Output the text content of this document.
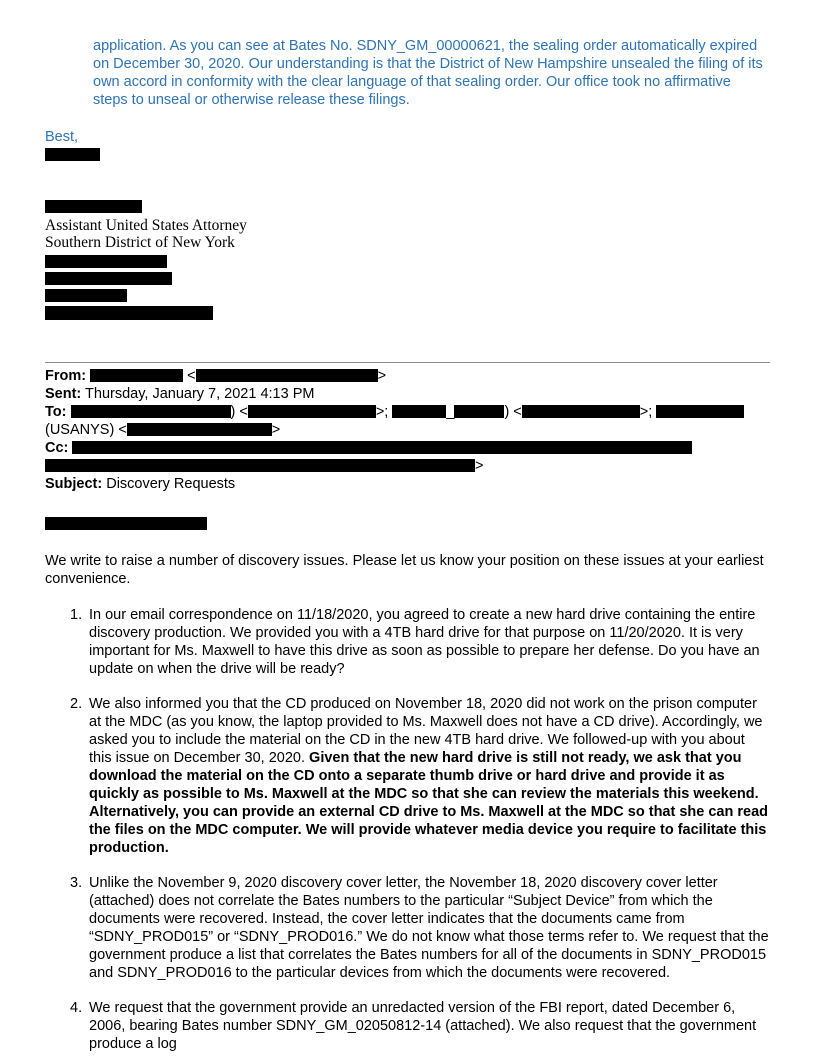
application. As you can see at Bates No. SDNY_GM_00000621, the sealing order automatically expired on December 30, 2020. Our understanding is that the District of New Hampshire unsealed the filing of its own accord in conformity with the clear language of that sealing order. Our office took no affirmative steps to unseal or otherwise release these filings.

Best,

Assistant United States Attorney
Southern District of New York
From:	<	>
Sent: Thursday, January 7, 2021 4:13 PM
To:	) <	>;	_	) <	>;
(USANYS) <	>
Cc:
>
Subject: Discovery Requests

We write to raise a number of discovery issues. Please let us know your position on these issues at your earliest convenience.

1. In our email correspondence on 11/18/2020, you agreed to create a new hard drive containing the entire discovery production. We provided you with a 4TB hard drive for that purpose on 11/20/2020. It is very important for Ms. Maxwell to have this drive as soon as possible to prepare her defense. Do you have an update on when the drive will be ready?
2. We also informed you that the CD produced on November 18, 2020 did not work on the prison computer at the MDC (as you know, the laptop provided to Ms. Maxwell does not have a CD drive). Accordingly, we asked you to include the material on the CD in the new 4TB hard drive. We followed-up with you about this issue on December 30, 2020. Given that the new hard drive is still not ready, we ask that you download the material on the CD onto a separate thumb drive or hard drive and provide it as quickly as possible to Ms. Maxwell at the MDC so that she can review the materials this weekend. Alternatively, you can provide an external CD drive to Ms. Maxwell at the MDC so that she can read the files on the MDC computer. We will provide whatever media device you require to facilitate this production.
3. Unlike the November 9, 2020 discovery cover letter, the November 18, 2020 discovery cover letter (attached) does not correlate the Bates numbers to the particular “Subject Device” from which the documents were recovered. Instead, the cover letter indicates that the documents came from “SDNY_PROD015” or “SDNY_PROD016.” We do not know what those terms refer to. We request that the government produce a list that correlates the Bates numbers for all of the documents in SDNY_PROD015 and SDNY_PROD016 to the particular devices from which the documents were recovered.
4. We request that the government provide an unredacted version of the FBI report, dated December 6, 2006, bearing Bates number SDNY_GM_02050812-14 (attached). We also request that the government produce a log
